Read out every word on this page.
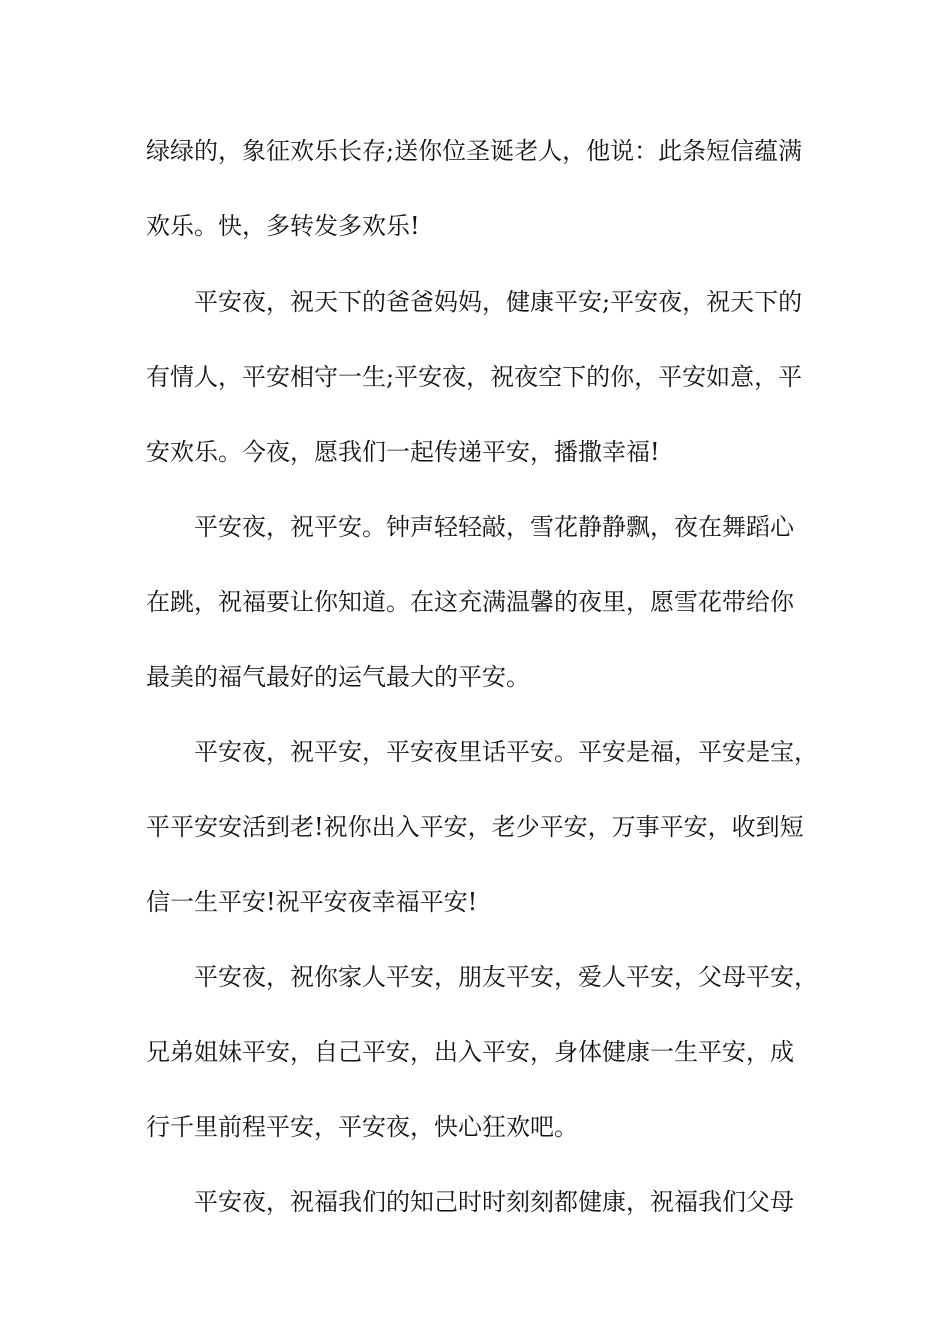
绿绿的，象征欢乐长存;送你位圣诞老人，他说：此条短信蕴满
欢乐。快，多转发多欢乐!
平安夜，祝天下的爸爸妈妈，健康平安;平安夜，祝天下的
有情人，平安相守一生;平安夜，祝夜空下的你，平安如意，平
安欢乐。今夜，愿我们一起传递平安，播撒幸福!
平安夜，祝平安。钟声轻轻敲，雪花静静飘，夜在舞蹈心
在跳，祝福要让你知道。在这充满温馨的夜里，愿雪花带给你
最美的福气最好的运气最大的平安。
平安夜，祝平安，平安夜里话平安。平安是福，平安是宝，
平平安安活到老!祝你出入平安，老少平安，万事平安，收到短
信一生平安!祝平安夜幸福平安!
平安夜，祝你家人平安，朋友平安，爱人平安，父母平安，
兄弟姐妹平安，自己平安，出入平安，身体健康一生平安，成
行千里前程平安，平安夜，快心狂欢吧。
平安夜，祝福我们的知己时时刻刻都健康，祝福我们父母
